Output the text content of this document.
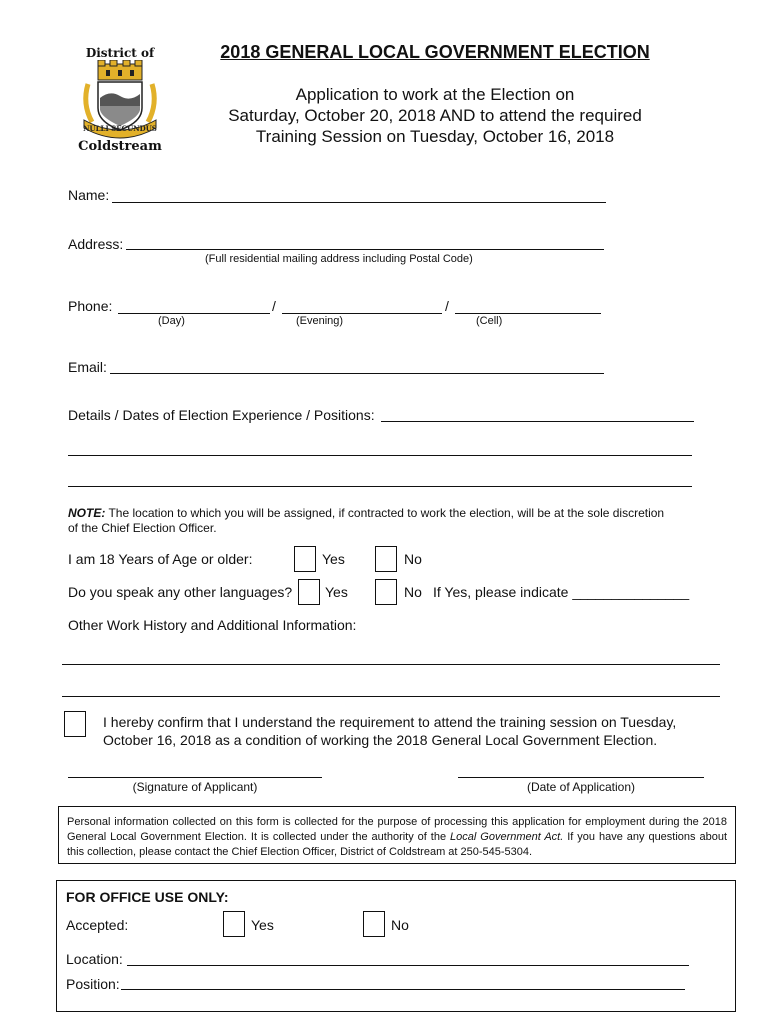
District of
NULLI SECUNDUS
Coldstream
2018 GENERAL LOCAL GOVERNMENT ELECTION
Application to work at the Election on
Saturday, October 20, 2018 AND to attend the required
Training Session on Tuesday, October 16, 2018
Name:
Address:
(Full residential mailing address including Postal Code)
Phone:	/	/
(Day)	(Evening)	(Cell)
Email:
Details / Dates of Election Experience / Positions:
NOTE: The location to which you will be assigned, if contracted to work the election, will be at the sole discretion
of the Chief Election Officer.
I am 18 Years of Age or older:	Yes	No
Do you speak any other languages? Yes	No If Yes, please indicate _______________
Other Work History and Additional Information:
I hereby confirm that I understand the requirement to attend the training session on Tuesday,
October 16, 2018 as a condition of working the 2018 General Local Government Election.
(Signature of Applicant)	(Date of Application)
Personal information collected on this form is collected for the purpose of processing this application for employment during the 2018 General Local Government Election. It is collected under the authority of the Local Government Act. If you have any questions about this collection, please contact the Chief Election Officer, District of Coldstream at 250-545-5304.
FOR OFFICE USE ONLY:
Accepted:	Yes	No
Location:
Position:
